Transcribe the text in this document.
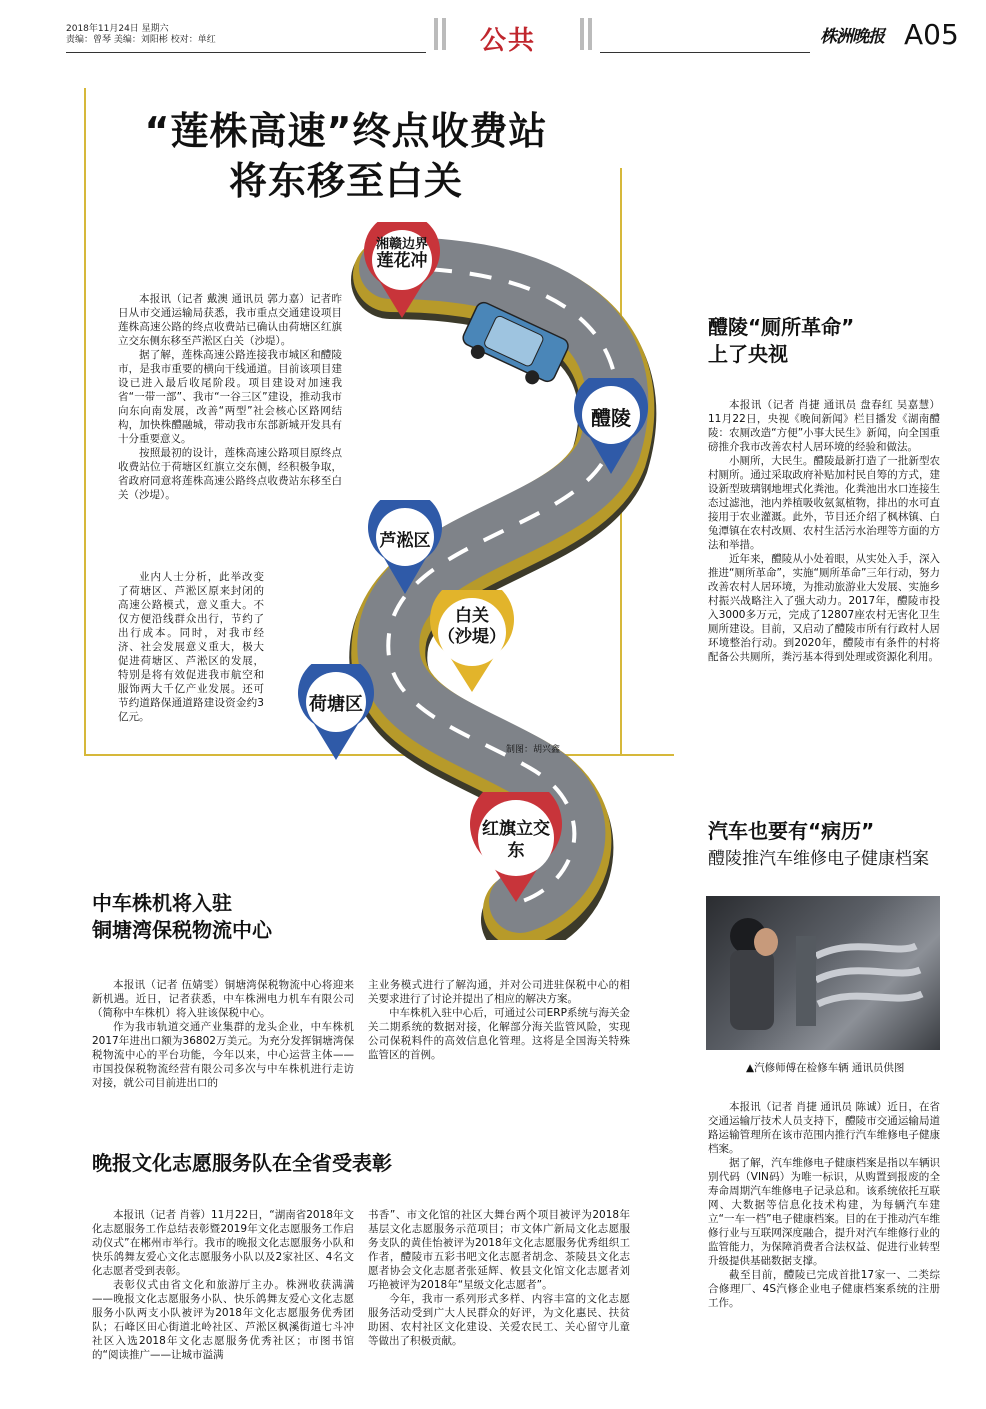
2018年11月24日 星期六
责编：曾琴 美编：刘阳彬 校对：单红	公共	株洲晚报 A05
“莲株高速”终点收费站
将东移至白关
湘赣边界
莲花冲
醴陵
芦淞区
白关
（沙堤）
荷塘区
红旗立交
东

本报讯（记者 戴澳 通讯员 郭力嘉）记者昨日从市交通运输局获悉，我市重点交通建设项目莲株高速公路的终点收费站已确认由荷塘区红旗立交东侧东移至芦淞区白关（沙堤）。

据了解，莲株高速公路连接我市城区和醴陵市，是我市重要的横向干线通道。目前该项目建设已进入最后收尾阶段。项目建设对加速我省“一带一部”、我市“一谷三区”建设，推动我市向东向南发展，改善“两型”社会核心区路网结构，加快株醴融城，带动我市东部新城开发具有十分重要意义。

按照最初的设计，莲株高速公路项目原终点收费站位于荷塘区红旗立交东侧，经积极争取，省政府同意将莲株高速公路终点收费站东移至白关（沙堤）。

业内人士分析，此举改变了荷塘区、芦淞区原来封闭的高速公路模式，意义重大。不仅方便沿线群众出行，节约了出行成本。同时，对我市经济、社会发展意义重大，极大促进荷塘区、芦淞区的发展，特别是将有效促进我市航空和服饰两大千亿产业发展。还可节约道路保通道路建设资金约3亿元。

制图：胡兴鑫
醴陵“厕所革命”
上了央视

本报讯（记者 肖捷 通讯员 盘春红 吴嘉慧）11月22日，央视《晚间新闻》栏目播发《湖南醴陵：农厕改造“方便”小事大民生》新闻，向全国重磅推介我市改善农村人居环境的经验和做法。

小厕所，大民生。醴陵最新打造了一批新型农村厕所。通过采取政府补贴加村民自筹的方式，建设新型玻璃钢地埋式化粪池。化粪池出水口连接生态过滤池，池内养植吸收氨氮植物，排出的水可直接用于农业灌溉。此外，节目还介绍了枫林镇、白兔潭镇在农村改厕、农村生活污水治理等方面的方法和举措。

近年来，醴陵从小处着眼，从实处入手，深入推进“厕所革命”，实施“厕所革命”三年行动，努力改善农村人居环境，为推动旅游业大发展、实施乡村振兴战略注入了强大动力。2017年，醴陵市投入3000多万元，完成了12807座农村无害化卫生厕所建设。目前，又启动了醴陵市所有行政村人居环境整治行动。到2020年，醴陵市有条件的村将配备公共厕所，粪污基本得到处理或资源化利用。

汽车也要有“病历”
醴陵推汽车维修电子健康档案
▲汽修师傅在检修车辆 通讯员供图

本报讯（记者 肖捷 通讯员 陈诚）近日，在省交通运输厅技术人员支持下，醴陵市交通运输局道路运输管理所在该市范围内推行汽车维修电子健康档案。

据了解，汽车维修电子健康档案是指以车辆识别代码（VIN码）为唯一标识，从购置到报废的全寿命周期汽车维修电子记录总和。该系统依托互联网、大数据等信息化技术构建，为每辆汽车建立“一车一档”电子健康档案。目的在于推动汽车维修行业与互联网深度融合，提升对汽车维修行业的监管能力，为保障消费者合法权益、促进行业转型升级提供基础数据支撑。

截至目前，醴陵已完成首批17家一、二类综合修理厂、4S汽修企业电子健康档案系统的注册工作。

中车株机将入驻
铜塘湾保税物流中心

本报讯（记者 伍婧雯）铜塘湾保税物流中心将迎来新机遇。近日，记者获悉，中车株洲电力机车有限公司（简称中车株机）将入驻该保税中心。

作为我市轨道交通产业集群的龙头企业，中车株机2017年进出口额为36802万美元。为充分发挥铜塘湾保税物流中心的平台功能，今年以来，中心运营主体——市国投保税物流经营有限公司多次与中车株机进行走访对接，就公司目前进出口的

主业务模式进行了解沟通，并对公司进驻保税中心的相关要求进行了讨论并提出了相应的解决方案。

中车株机入驻中心后，可通过公司ERP系统与海关金关二期系统的数据对接，化解部分海关监管风险，实现公司保税料件的高效信息化管理。这将是全国海关特殊监管区的首例。

晚报文化志愿服务队在全省受表彰

本报讯（记者 肖蓉）11月22日，“湖南省2018年文化志愿服务工作总结表彰暨2019年文化志愿服务工作启动仪式”在郴州市举行。我市的晚报文化志愿服务小队和快乐鸽舞友爱心文化志愿服务小队以及2家社区、4名文化志愿者受到表彰。

表彰仪式由省文化和旅游厅主办。株洲收获满满——晚报文化志愿服务小队、快乐鸽舞友爱心文化志愿服务小队两支小队被评为2018年文化志愿服务优秀团队；石峰区田心街道北岭社区、芦淞区枫溪街道七斗冲社区入选2018年文化志愿服务优秀社区；市图书馆的“阅读推广——让城市溢满

书香”、市文化馆的社区大舞台两个项目被评为2018年基层文化志愿服务示范项目；市文体广新局文化志愿服务支队的黄佳怡被评为2018年文化志愿服务优秀组织工作者，醴陵市五彩书吧文化志愿者胡念、茶陵县文化志愿者协会文化志愿者张延辉、攸县文化馆文化志愿者刘巧艳被评为2018年“星级文化志愿者”。

今年，我市一系列形式多样、内容丰富的文化志愿服务活动受到广大人民群众的好评，为文化惠民、扶贫助困、农村社区文化建设、关爱农民工、关心留守儿童等做出了积极贡献。
